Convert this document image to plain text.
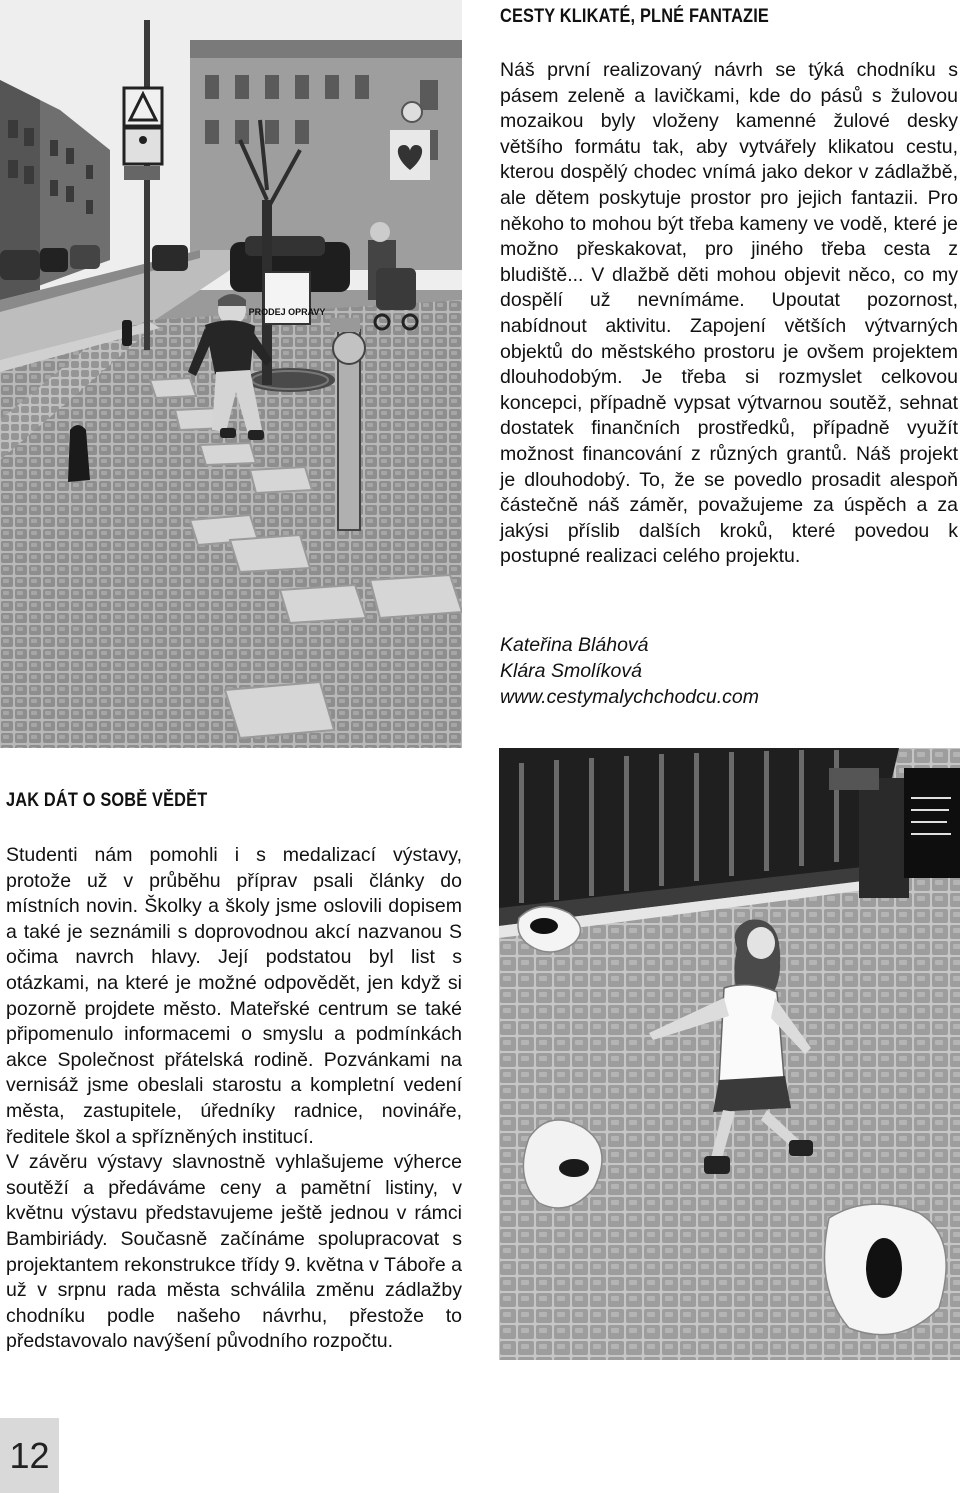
PRODEJ OPRAVY
CESTY KLIKATÉ, PLNÉ FANTAZIE

Náš první realizovaný návrh se týká chodníku s pásem zeleně a lavičkami, kde do pásů s žulovou mozaikou byly vloženy kamenné žulové desky většího formátu tak, aby vytvářely klikatou cestu, kterou dospělý chodec vnímá jako dekor v zádlažbě, ale dětem poskytuje prostor pro jejich fantazii. Pro někoho to mohou být třeba kameny ve vodě, které je možno přeskakovat, pro jiného třeba cesta z bludiště... V dlažbě děti mohou objevit něco, co my dospělí už nevnímáme. Upoutat pozornost, nabídnout aktivitu. Zapojení větších výtvarných objektů do městského prostoru je ovšem projektem dlouhodobým. Je třeba si rozmyslet celkovou koncepci, případně vypsat výtvarnou soutěž, sehnat dostatek finančních prostředků, případně využít možnost financování z různých grantů. Náš projekt je dlouhodobý. To, že se povedlo prosadit alespoň částečně náš záměr, považujeme za úspěch a za jakýsi příslib dalších kroků, které povedou k postupné realizaci celého projektu.

Kateřina Bláhová
Klára Smolíková
www.cestymalychchodcu.com
JAK DÁT O SOBĚ VĚDĚT

Studenti nám pomohli i s medalizací výstavy, protože už v průběhu příprav psali články do místních novin. Školky a školy jsme oslovili dopisem a také je seznámili s doprovodnou akcí nazvanou S očima navrch hlavy. Její podstatou byl list s otázkami, na které je možné odpovědět, jen když si pozorně projdete město. Mateřské centrum se také připomenulo informacemi o smyslu a podmínkách akce Společnost přátelská rodině. Pozvánkami na vernisáž jsme obeslali starostu a kompletní vedení města, zastupitele, úředníky radnice, novináře, ředitele škol a spřízněných institucí.

V závěru výstavy slavnostně vyhlašujeme výherce soutěží a předáváme ceny a pamětní listiny, v květnu výstavu představujeme ještě jednou v rámci Bambiriády. Současně začínáme spolupracovat s projektantem rekonstrukce třídy 9. května v Táboře a už v srpnu rada města schválila změnu zádlažby chodníku podle našeho návrhu, přestože to představovalo navýšení původního rozpočtu.

12
